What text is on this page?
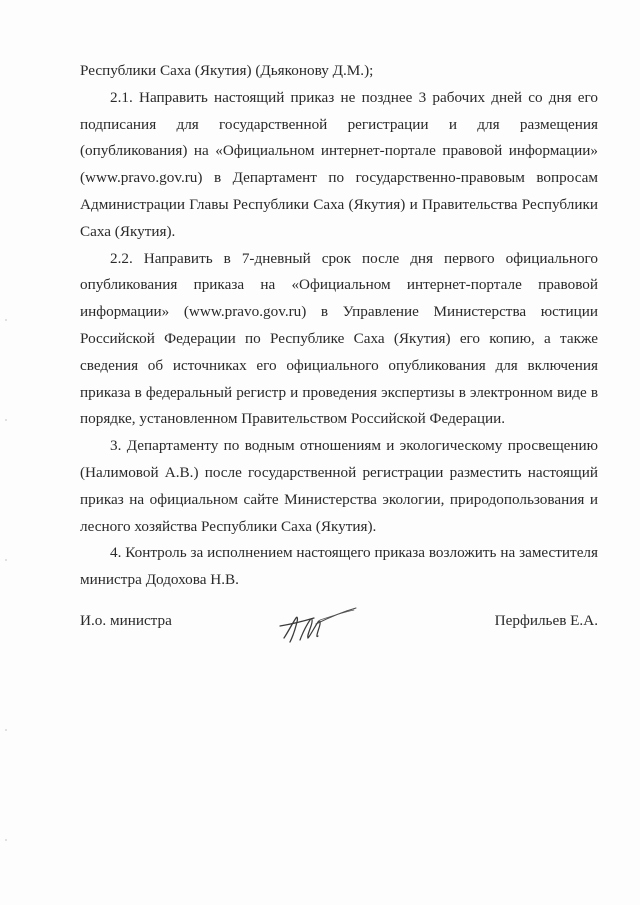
Республики Саха (Якутия) (Дьяконову Д.М.);

2.1. Направить настоящий приказ не позднее 3 рабочих дней со дня его подписания для государственной регистрации и для размещения (опубликования) на «Официальном интернет-портале правовой информации» (www.pravo.gov.ru) в Департамент по государственно-правовым вопросам Администрации Главы Республики Саха (Якутия) и Правительства Республики Саха (Якутия).

2.2. Направить в 7-дневный срок после дня первого официального опубликования приказа на «Официальном интернет-портале правовой информации» (www.pravo.gov.ru) в Управление Министерства юстиции Российской Федерации по Республике Саха (Якутия) его копию, а также сведения об источниках его официального опубликования для включения приказа в федеральный регистр и проведения экспертизы в электронном виде в порядке, установленном Правительством Российской Федерации.

3. Департаменту по водным отношениям и экологическому просвещению (Налимовой А.В.) после государственной регистрации разместить настоящий приказ на официальном сайте Министерства экологии, природопользования и лесного хозяйства Республики Саха (Якутия).

4. Контроль за исполнением настоящего приказа возложить на заместителя министра Додохова Н.В.

И.о. министра	Перфильев Е.А.
